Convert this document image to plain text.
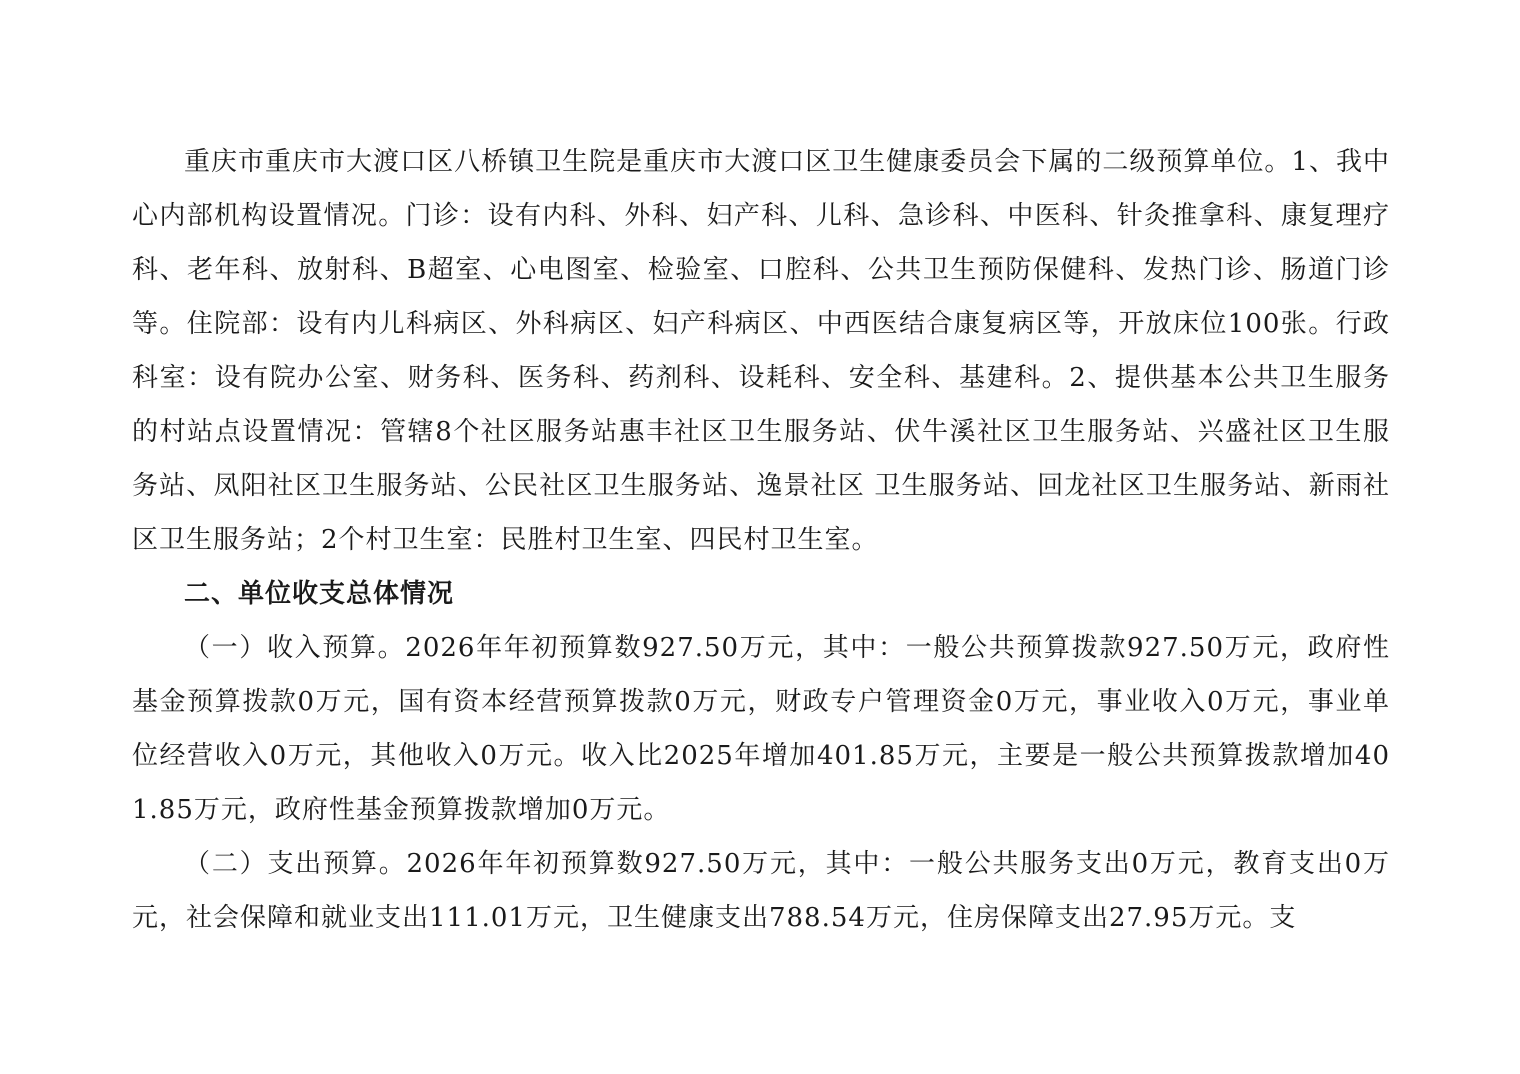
重庆市重庆市大渡口区八桥镇卫生院是重庆市大渡口区卫生健康委员会下属的二级预算单位。1、我中心内部机构设置情况。门诊：设有内科、外科、妇产科、儿科、急诊科、中医科、针灸推拿科、康复理疗科、老年科、放射科、B超室、心电图室、检验室、口腔科、公共卫生预防保健科、发热门诊、肠道门诊等。住院部：设有内儿科病区、外科病区、妇产科病区、中西医结合康复病区等，开放床位100张。行政科室：设有院办公室、财务科、医务科、药剂科、设耗科、安全科、基建科。2、提供基本公共卫生服务的村站点设置情况：管辖8个社区服务站惠丰社区卫生服务站、伏牛溪社区卫生服务站、兴盛社区卫生服务站、凤阳社区卫生服务站、公民社区卫生服务站、逸景社区 卫生服务站、回龙社区卫生服务站、新雨社区卫生服务站；2个村卫生室：民胜村卫生室、四民村卫生室。

二、单位收支总体情况

（一）收入预算。2026年年初预算数927.50万元，其中：一般公共预算拨款927.50万元，政府性基金预算拨款0万元，国有资本经营预算拨款0万元，财政专户管理资金0万元，事业收入0万元，事业单位经营收入0万元，其他收入0万元。收入比2025年增加401.85万元，主要是一般公共预算拨款增加401.85万元，政府性基金预算拨款增加0万元。

（二）支出预算。2026年年初预算数927.50万元，其中：一般公共服务支出0万元，教育支出0万元，社会保障和就业支出111.01万元，卫生健康支出788.54万元，住房保障支出27.95万元。支
